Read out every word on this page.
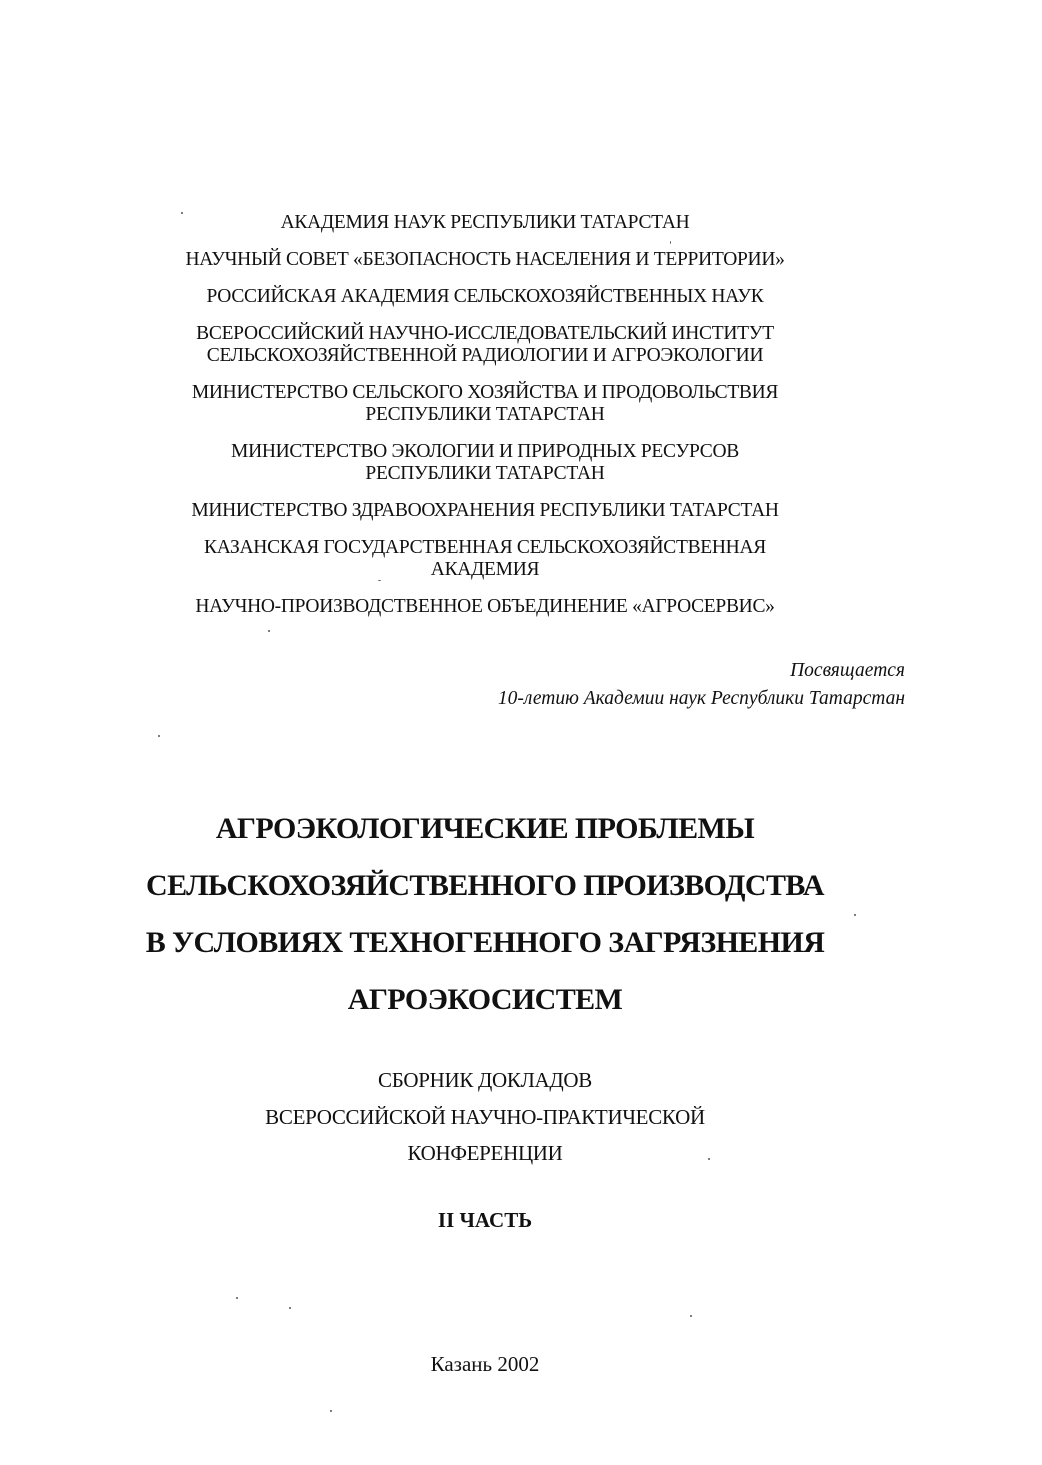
АКАДЕМИЯ НАУК РЕСПУБЛИКИ ТАТАРСТАН
НАУЧНЫЙ СОВЕТ «БЕЗОПАСНОСТЬ НАСЕЛЕНИЯ И ТЕРРИТОРИИ»
РОССИЙСКАЯ АКАДЕМИЯ СЕЛЬСКОХОЗЯЙСТВЕННЫХ НАУК
ВСЕРОССИЙСКИЙ НАУЧНО-ИССЛЕДОВАТЕЛЬСКИЙ ИНСТИТУТ
СЕЛЬСКОХОЗЯЙСТВЕННОЙ РАДИОЛОГИИ И АГРОЭКОЛОГИИ
МИНИСТЕРСТВО СЕЛЬСКОГО ХОЗЯЙСТВА И ПРОДОВОЛЬСТВИЯ
РЕСПУБЛИКИ ТАТАРСТАН
МИНИСТЕРСТВО ЭКОЛОГИИ И ПРИРОДНЫХ РЕСУРСОВ
РЕСПУБЛИКИ ТАТАРСТАН
МИНИСТЕРСТВО ЗДРАВООХРАНЕНИЯ РЕСПУБЛИКИ ТАТАРСТАН
КАЗАНСКАЯ ГОСУДАРСТВЕННАЯ СЕЛЬСКОХОЗЯЙСТВЕННАЯ
АКАДЕМИЯ
НАУЧНО-ПРОИЗВОДСТВЕННОЕ ОБЪЕДИНЕНИЕ «АГРОСЕРВИС»
Посвящается
10-летию Академии наук Республики Татарстан
АГРОЭКОЛОГИЧЕСКИЕ ПРОБЛЕМЫ
СЕЛЬСКОХОЗЯЙСТВЕННОГО ПРОИЗВОДСТВА
В УСЛОВИЯХ ТЕХНОГЕННОГО ЗАГРЯЗНЕНИЯ
АГРОЭКОСИСТЕМ
СБОРНИК ДОКЛАДОВ
ВСЕРОССИЙСКОЙ НАУЧНО-ПРАКТИЧЕСКОЙ
КОНФЕРЕНЦИИ
II ЧАСТЬ
Казань 2002
